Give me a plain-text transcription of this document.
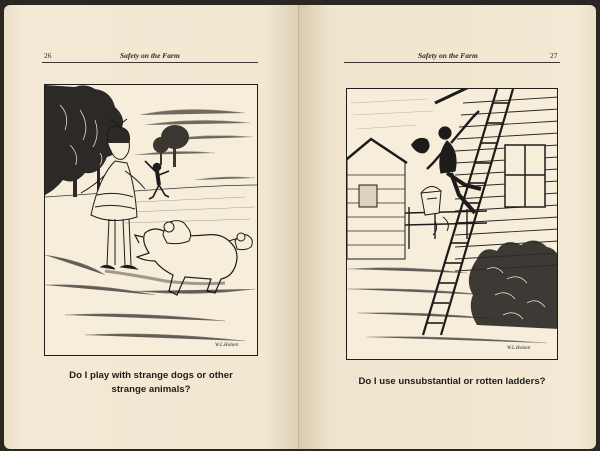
26	Safety on the Farm
W.L.Holsen
Do I play with strange dogs or other
strange animals?
Safety on the Farm	27
W.L.Holsen
Do I use unsubstantial or rotten ladders?
